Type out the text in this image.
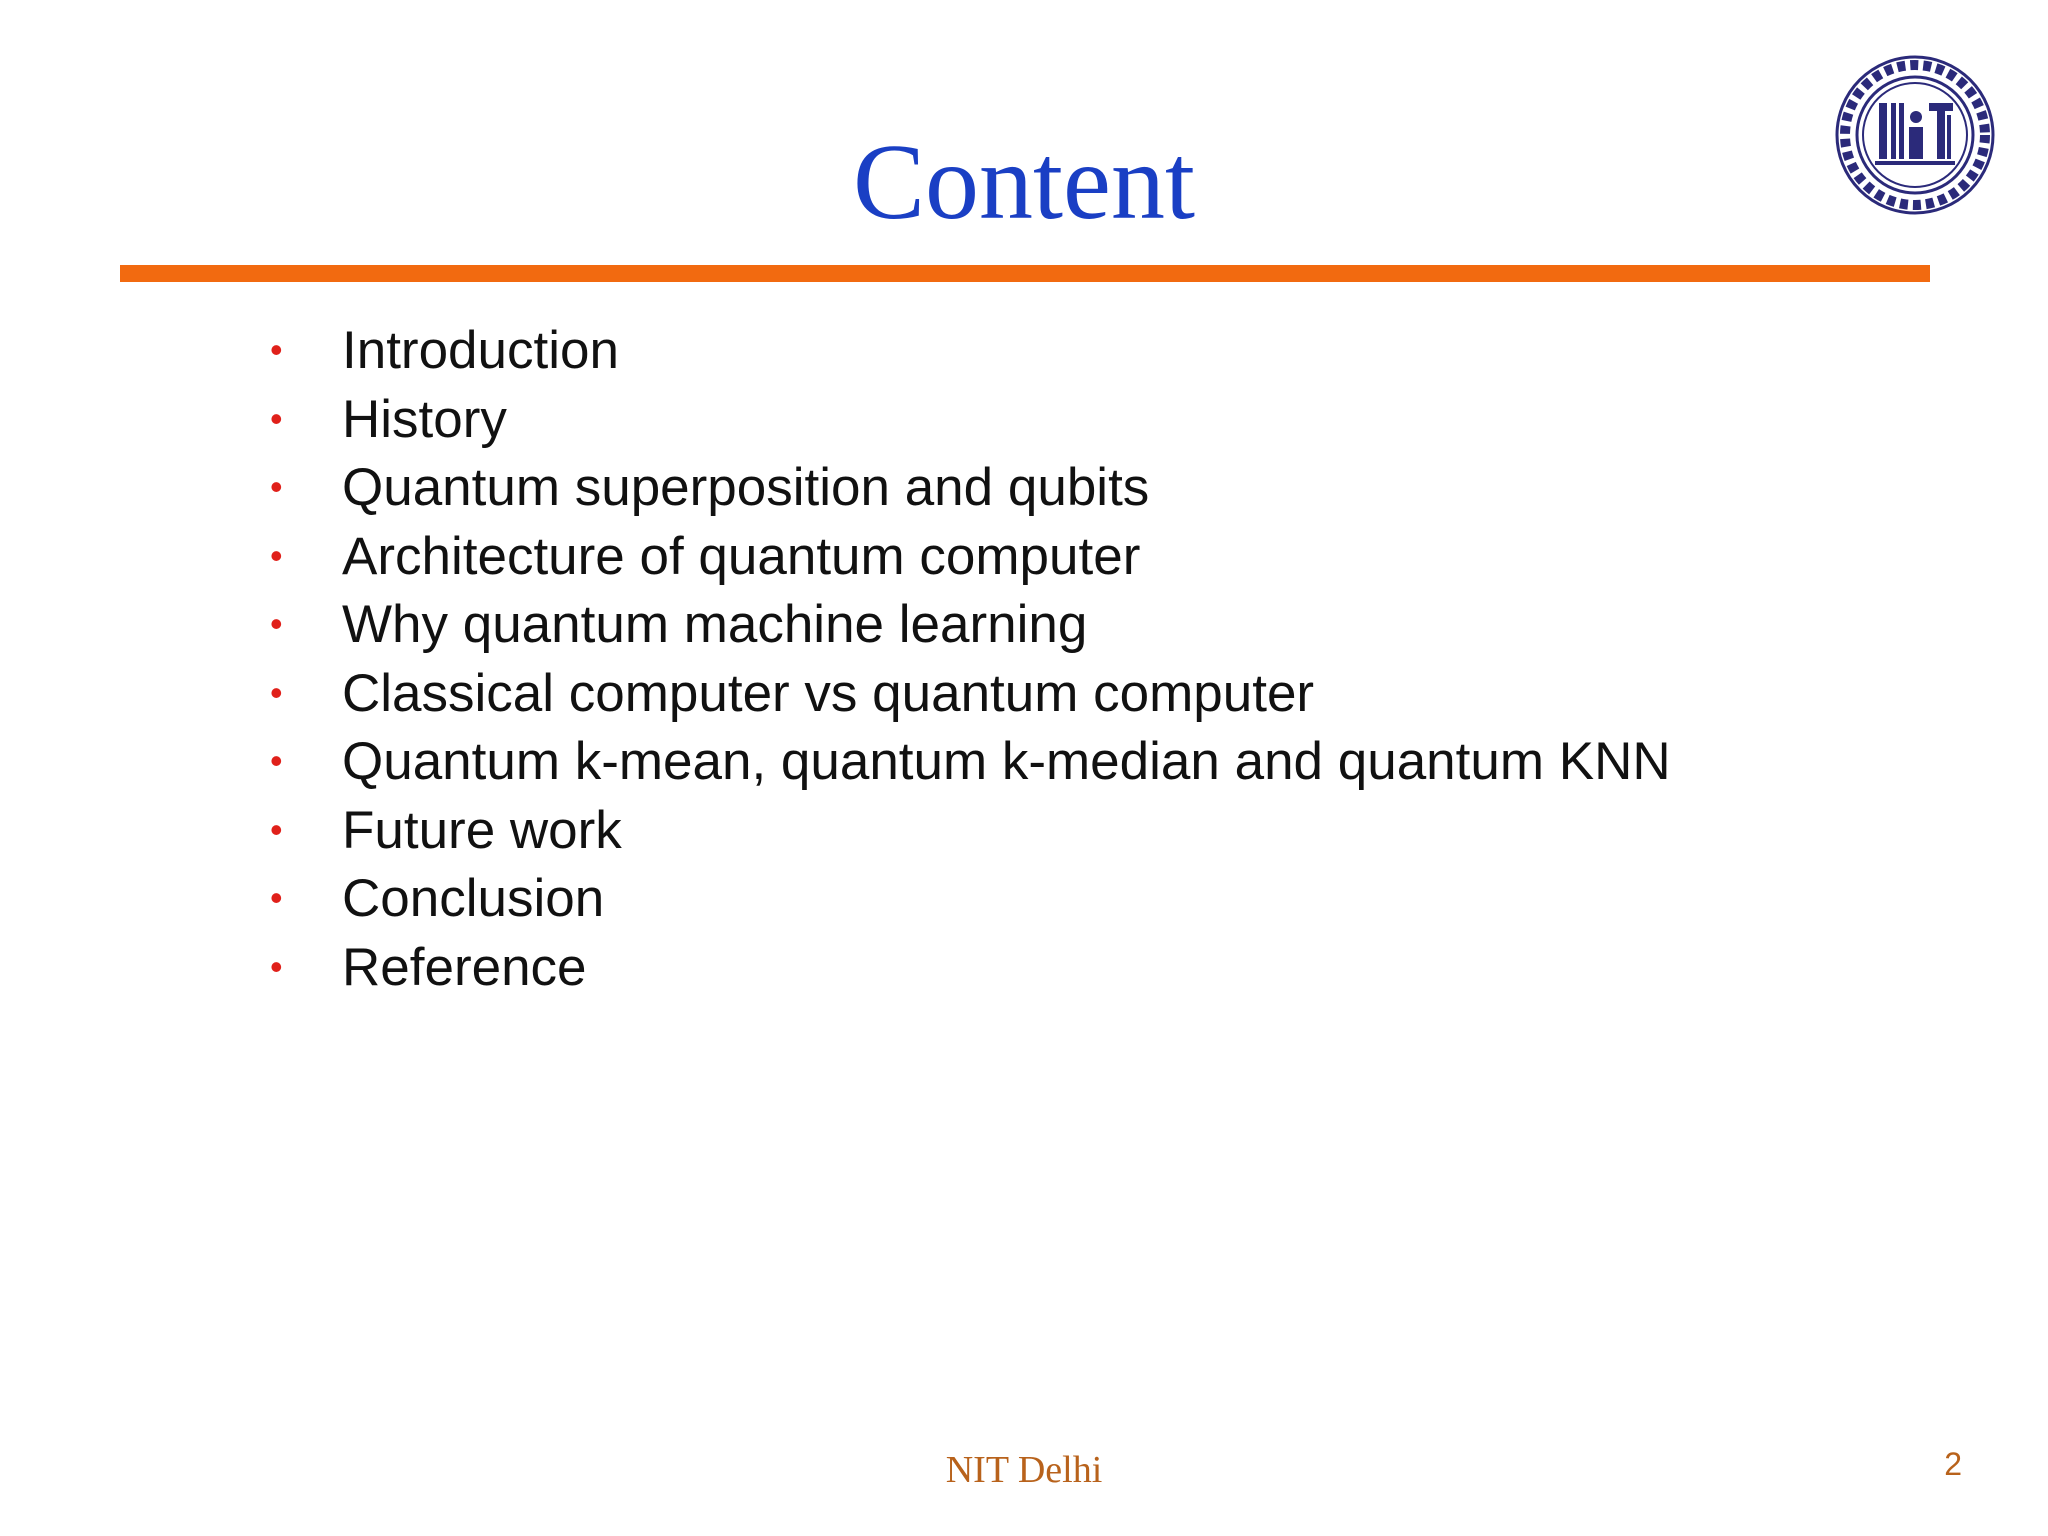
Content
•	Introduction
•	History
•	Quantum superposition and qubits
•	Architecture of quantum computer
•	Why quantum machine learning
•	Classical computer vs quantum computer
•	Quantum k-mean, quantum k-median and quantum KNN
•	Future work
•	Conclusion
•	Reference
NIT Delhi	2
